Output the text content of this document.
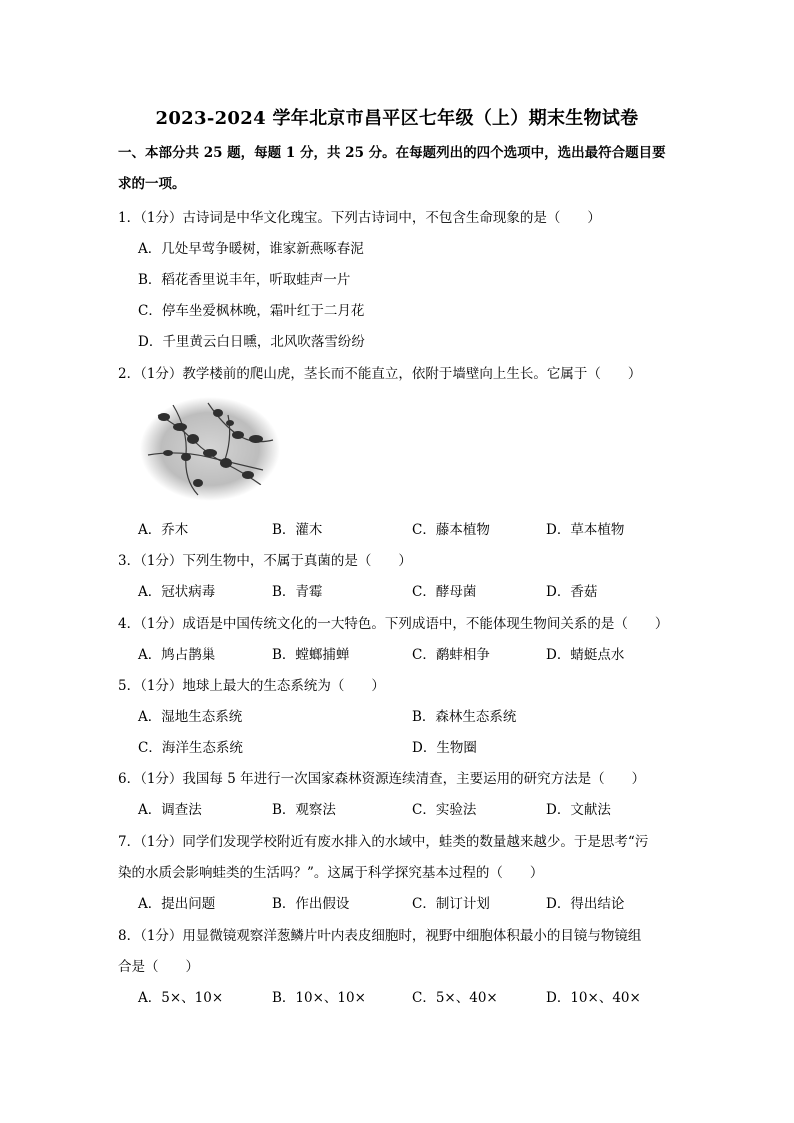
2023-2024 学年北京市昌平区七年级（上）期末生物试卷
一、本部分共 25 题，每题 1 分，共 25 分。在每题列出的四个选项中，选出最符合题目要求的一项。
1．（1分）古诗词是中华文化瑰宝。下列古诗词中，不包含生命现象的是（　　）
A．几处早莺争暖树，谁家新燕啄春泥
B．稻花香里说丰年，听取蛙声一片
C．停车坐爱枫林晚，霜叶红于二月花
D．千里黄云白日曛，北风吹落雪纷纷
2．（1分）教学楼前的爬山虎，茎长而不能直立，依附于墙壁向上生长。它属于（　　）
A．乔木	B．灌木	C．藤本植物	D．草本植物
3．（1分）下列生物中，不属于真菌的是（　　）
A．冠状病毒	B．青霉	C．酵母菌	D．香菇
4．（1分）成语是中国传统文化的一大特色。下列成语中，不能体现生物间关系的是（　　）
A．鸠占鹊巢	B．螳螂捕蝉	C．鹬蚌相争	D．蜻蜓点水
5．（1分）地球上最大的生态系统为（　　）
A．湿地生态系统	B．森林生态系统
C．海洋生态系统	D．生物圈
6．（1分）我国每 5 年进行一次国家森林资源连续清查，主要运用的研究方法是（　　）
A．调查法	B．观察法	C．实验法	D．文献法
7．（1分）同学们发现学校附近有废水排入的水域中，蛙类的数量越来越少。于是思考“污
染的水质会影响蛙类的生活吗？”。这属于科学探究基本过程的（　　）
A．提出问题	B．作出假设	C．制订计划	D．得出结论
8．（1分）用显微镜观察洋葱鳞片叶内表皮细胞时，视野中细胞体积最小的目镜与物镜组
合是（　　）
A．5×、10×	B．10×、10×	C．5×、40×	D．10×、40×
